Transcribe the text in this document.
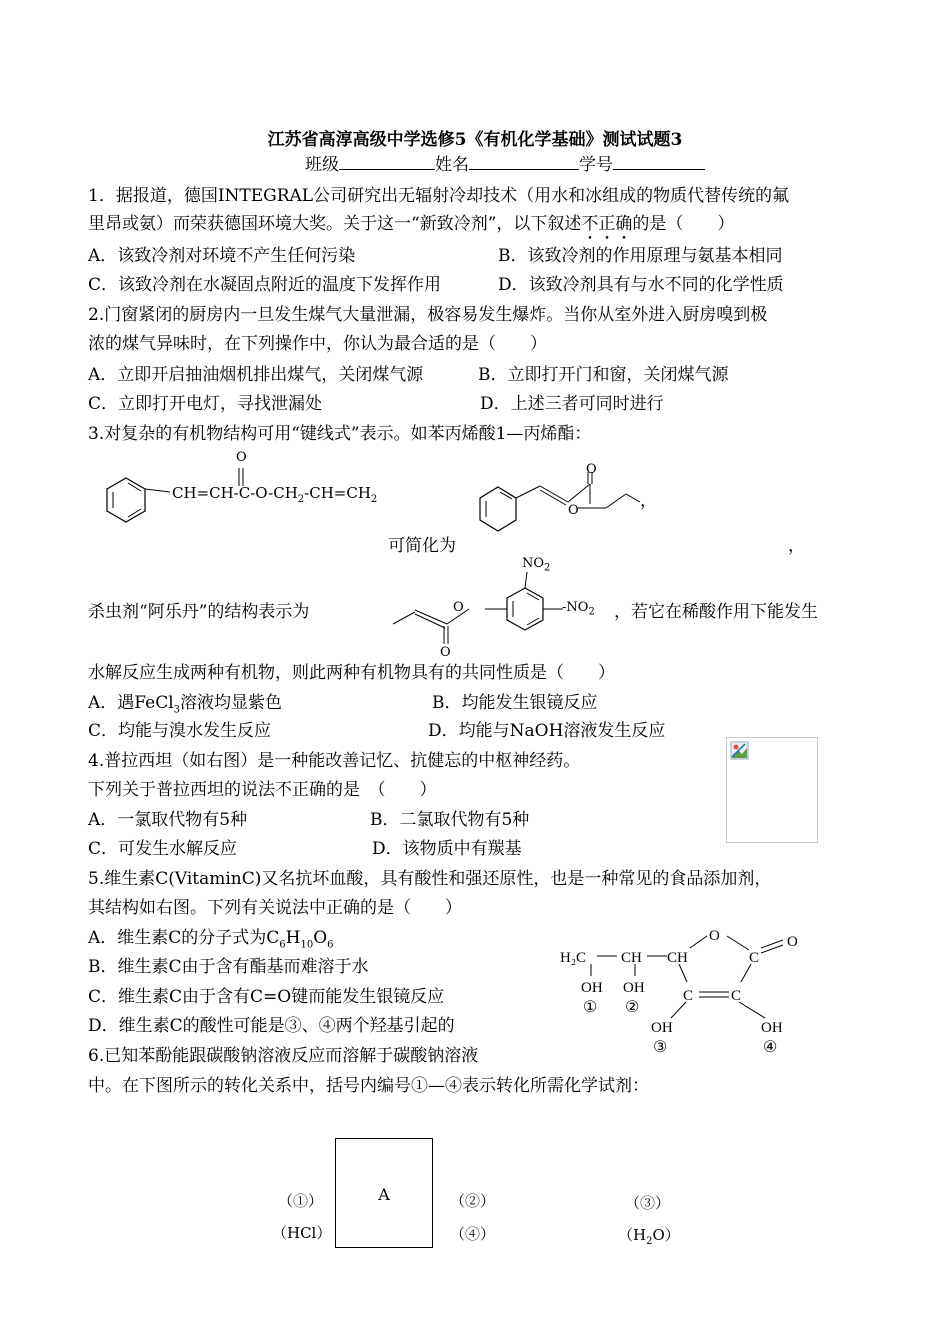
江苏省高淳高级中学选修5《有机化学基础》测试试题3
班级	姓名	学号
1．据报道，德国INTEGRAL公司研究出无辐射冷却技术（用水和冰组成的物质代替传统的氟
里昂或氨）而荣获德国环境大奖。关于这一“新致冷剂”，以下叙述不正确的是（　　）
A．该致冷剂对环境不产生任何污染	B．该致冷剂的作用原理与氨基本相同
C．该致冷剂在水凝固点附近的温度下发挥作用	D．该致冷剂具有与水不同的化学性质
2.门窗紧闭的厨房内一旦发生煤气大量泄漏，极容易发生爆炸。当你从室外进入厨房嗅到极
浓的煤气异味时，在下列操作中，你认为最合适的是（　　）
A．立即开启抽油烟机排出煤气，关闭煤气源	B．立即打开门和窗，关闭煤气源
C．立即打开电灯，寻找泄漏处	D．上述三者可同时进行
3.对复杂的有机物结构可用“键线式”表示。如苯丙烯酸1—丙烯酯：
O
$CH=CH-C-O-CH_2-CH=CH_2$
O
O	，
可简化为	，
杀虫剂“阿乐丹”的结构表示为
$NO_2$
$-NO_2$
O
O
，若它在稀酸作用下能发生
水解反应生成两种有机物，则此两种有机物具有的共同性质是（　　）
A．遇FeCl$_3$溶液均显紫色	B．均能发生银镜反应
C．均能与溴水发生反应	D．均能与NaOH溶液发生反应
4.普拉西坦（如右图）是一种能改善记忆、抗健忘的中枢神经药。
下列关于普拉西坦的说法不正确的是　（　　）
A．一氯取代物有5种	B．二氯取代物有5种
C．可发生水解反应	D．该物质中有羰基
5.维生素C(VitaminC)又名抗坏血酸，具有酸性和强还原性，也是一种常见的食品添加剂，
其结构如右图。下列有关说法中正确的是（　　）
A．维生素C的分子式为$C_6H_{10}O_6$
B．维生素C由于含有酯基而难溶于水
C．维生素C由于含有C=O键而能发生银镜反应
D．维生素C的酸性可能是③、④两个羟基引起的
H₂C CH CH
O	O
C
C	C
OH OH
OH	OH
① ②
③	④
6.已知苯酚能跟碳酸钠溶液反应而溶解于碳酸钠溶液
中。在下图所示的转化关系中，括号内编号①—④表示转化所需化学试剂：
A
（①）
（HCl）
（②）
（④）
（③）
$(H_2O)$
